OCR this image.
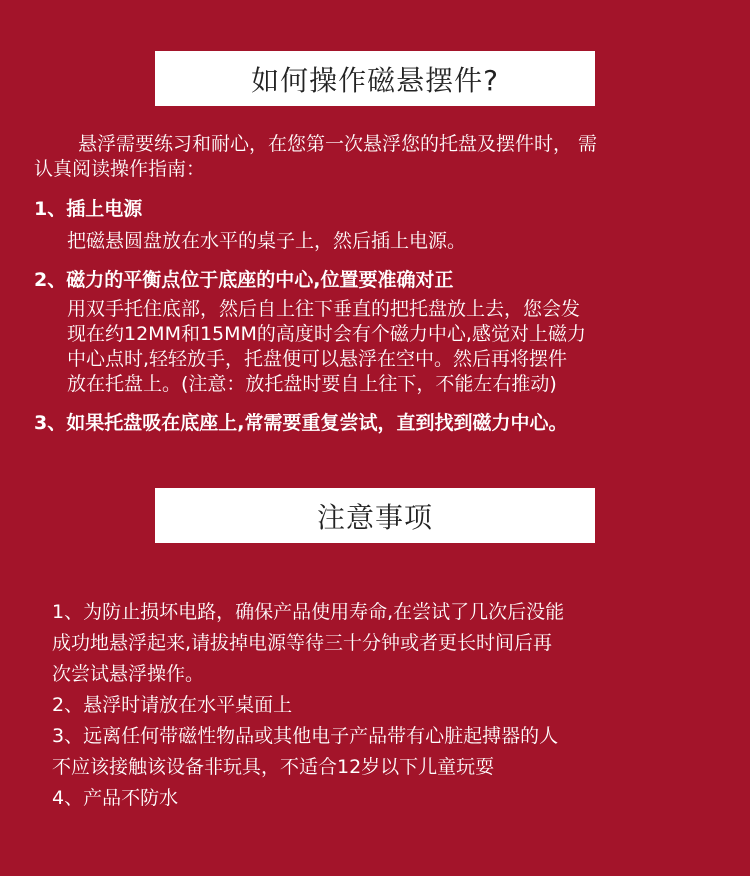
如何操作磁悬摆件?
悬浮需要练习和耐心，在您第一次悬浮您的托盘及摆件时， 需
认真阅读操作指南：
1、插上电源
把磁悬圆盘放在水平的桌子上，然后插上电源。
2、磁力的平衡点位于底座的中心,位置要准确对正
用双手托住底部，然后自上往下垂直的把托盘放上去，您会发
现在约12MM和15MM的高度时会有个磁力中心,感觉对上磁力
中心点时,轻轻放手，托盘便可以悬浮在空中。然后再将摆件
放在托盘上。(注意：放托盘时要自上往下，不能左右推动)
3、如果托盘吸在底座上,常需要重复尝试，直到找到磁力中心。
注意事项
1、为防止损坏电路，确保产品使用寿命,在尝试了几次后没能
成功地悬浮起来,请拔掉电源等待三十分钟或者更长时间后再
次尝试悬浮操作。
2、悬浮时请放在水平桌面上
3、远离任何带磁性物品或其他电子产品带有心脏起搏器的人
不应该接触该设备非玩具，不适合12岁以下儿童玩耍
4、产品不防水
